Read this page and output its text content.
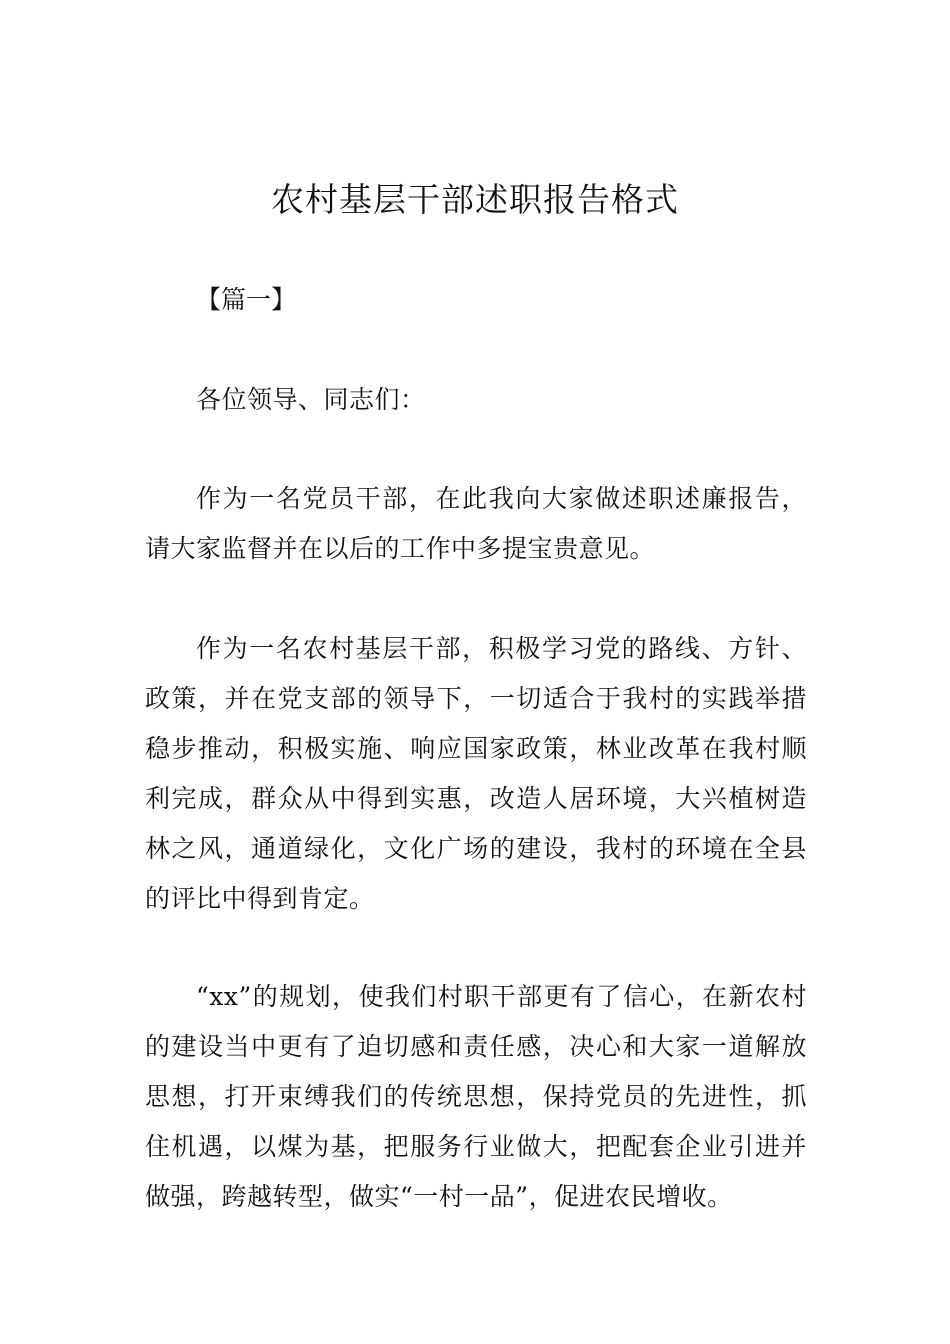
农村基层干部述职报告格式

【篇一】

各位领导、同志们：

作为一名党员干部，在此我向大家做述职述廉报告，请大家监督并在以后的工作中多提宝贵意见。

作为一名农村基层干部，积极学习党的路线、方针、政策，并在党支部的领导下，一切适合于我村的实践举措稳步推动，积极实施、响应国家政策，林业改革在我村顺利完成，群众从中得到实惠，改造人居环境，大兴植树造林之风，通道绿化，文化广场的建设，我村的环境在全县的评比中得到肯定。

“xx”的规划，使我们村职干部更有了信心，在新农村的建设当中更有了迫切感和责任感，决心和大家一道解放思想，打开束缚我们的传统思想，保持党员的先进性，抓住机遇，以煤为基，把服务行业做大，把配套企业引进并做强，跨越转型，做实“一村一品”，促进农民增收。
